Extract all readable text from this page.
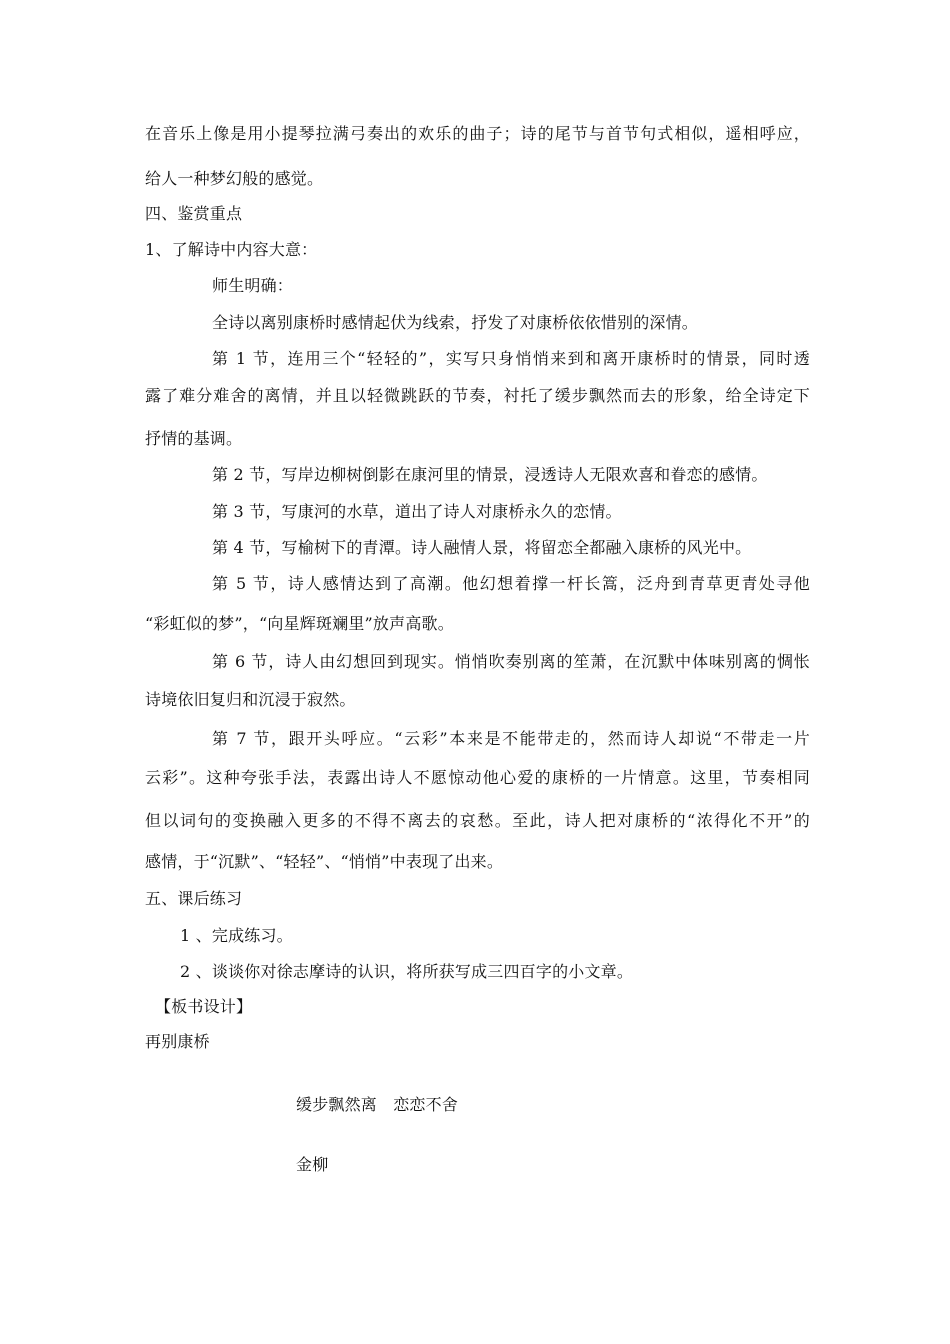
在音乐上像是用小提琴拉满弓奏出的欢乐的曲子；诗的尾节与首节句式相似，遥相呼应，
给人一种梦幻般的感觉。
四、鉴赏重点
1、了解诗中内容大意：
师生明确：
全诗以离别康桥时感情起伏为线索，抒发了对康桥依依惜别的深情。
第 1 节，连用三个“轻轻的”，实写只身悄悄来到和离开康桥时的情景，同时透
露了难分难舍的离情，并且以轻微跳跃的节奏，衬托了缓步飘然而去的形象，给全诗定下
抒情的基调。
第 2 节，写岸边柳树倒影在康河里的情景，浸透诗人无限欢喜和眷恋的感情。
第 3 节，写康河的水草，道出了诗人对康桥永久的恋情。
第 4 节，写榆树下的青潭。诗人融情人景，将留恋全都融入康桥的风光中。
第 5 节，诗人感情达到了高潮。他幻想着撑一杆长篙，泛舟到青草更青处寻他
“彩虹似的梦”，“向星辉斑斓里”放声高歌。
第 6 节，诗人由幻想回到现实。悄悄吹奏别离的笙萧，在沉默中体味别离的惆怅
诗境依旧复归和沉浸于寂然。
第 7 节，跟开头呼应。“云彩”本来是不能带走的，然而诗人却说“不带走一片
云彩”。这种夸张手法，表露出诗人不愿惊动他心爱的康桥的一片情意。这里，节奏相同
但以词句的变换融入更多的不得不离去的哀愁。至此，诗人把对康桥的“浓得化不开”的
感情，于“沉默”、“轻轻”、“悄悄”中表现了出来。
五、课后练习
1 、完成练习。
2 、谈谈你对徐志摩诗的认识，将所获写成三四百字的小文章。
【板书设计】
再别康桥
缓步飘然离　恋恋不舍
金柳
